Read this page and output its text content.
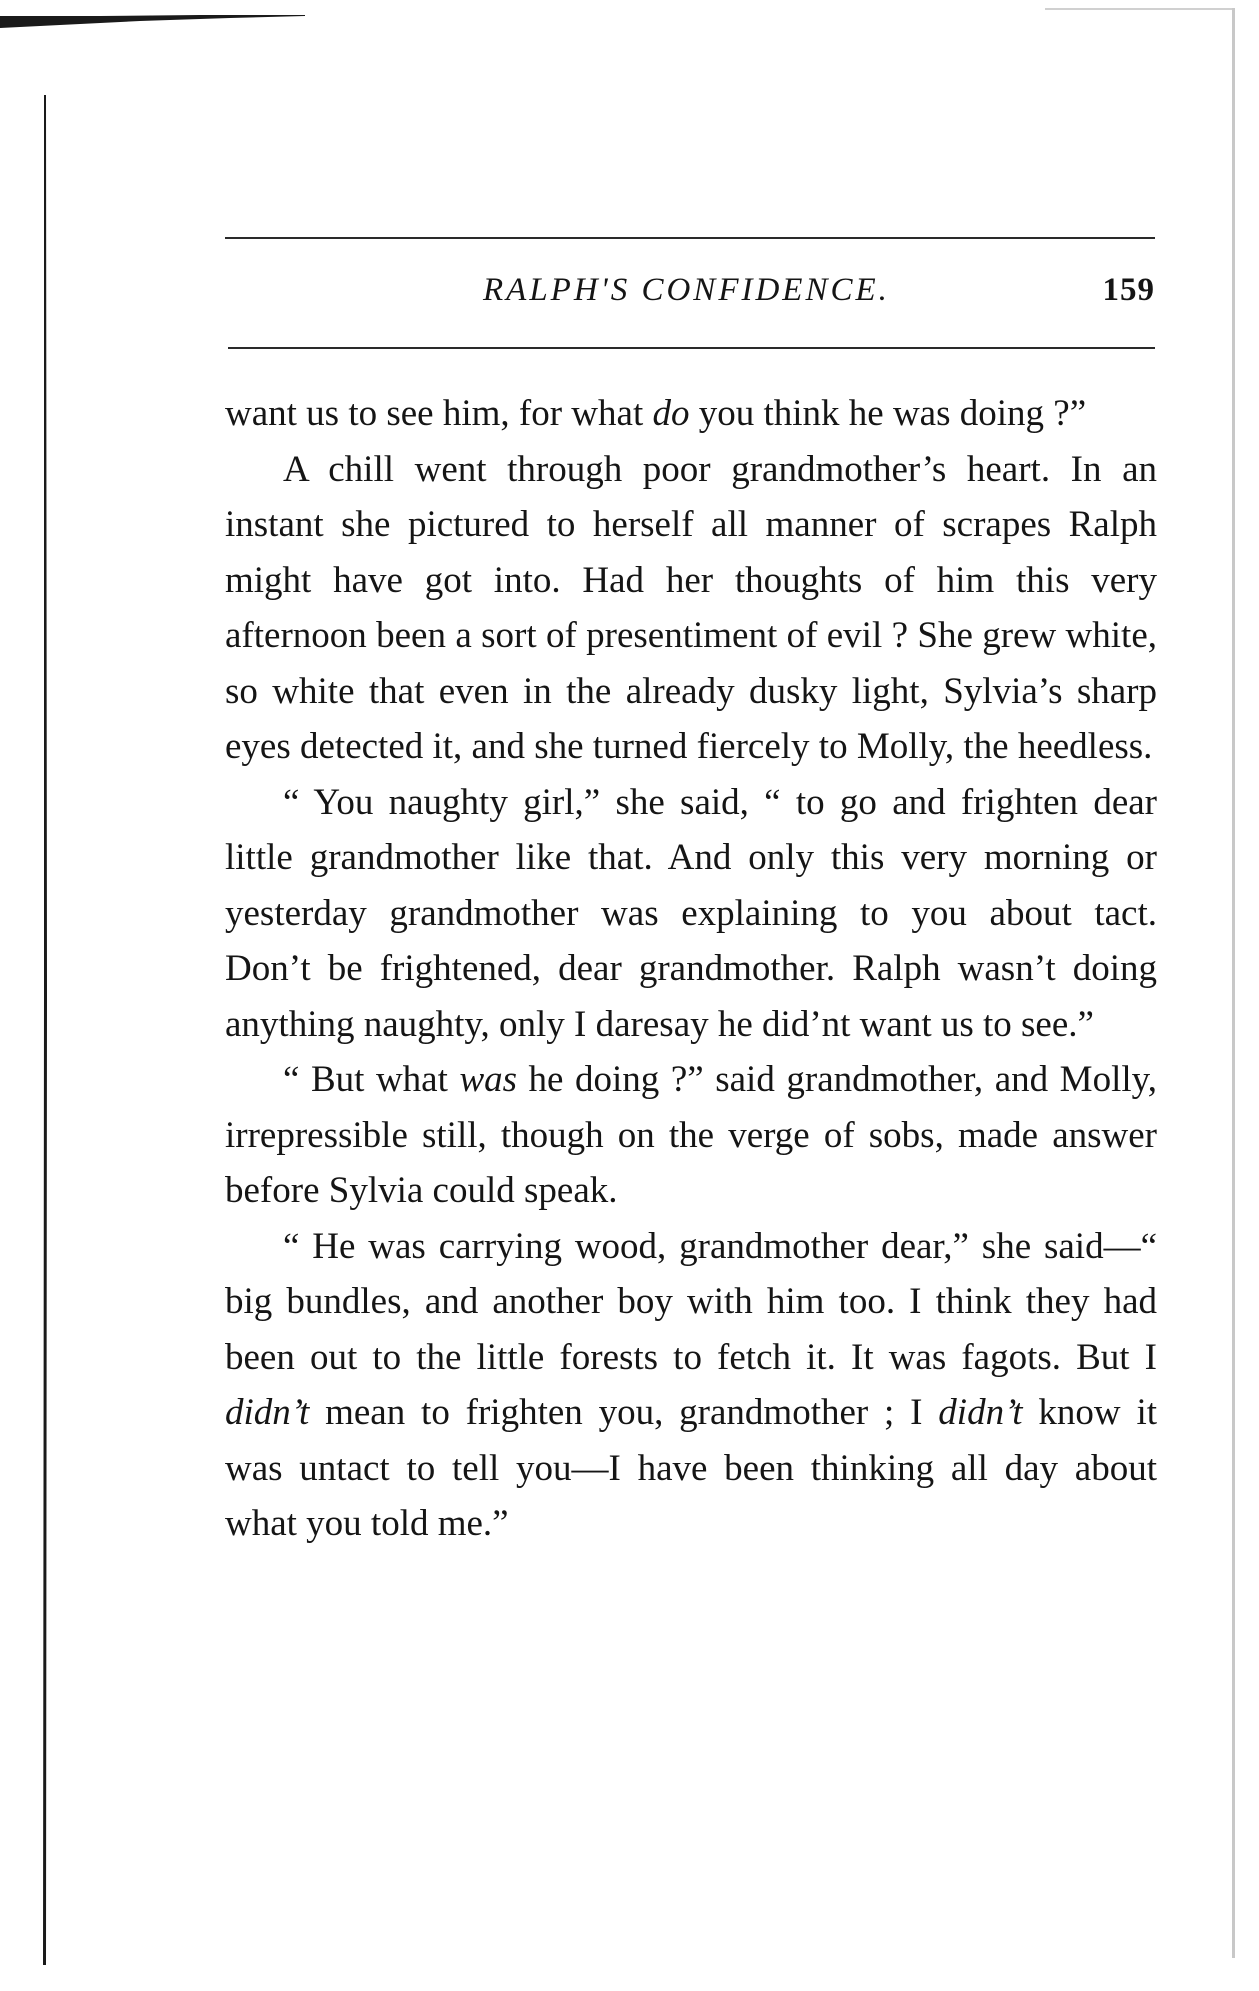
RALPH'S CONFIDENCE.	159

want us to see him, for what do you think he was doing ?”

A chill went through poor grandmother’s heart. In an instant she pictured to herself all manner of scrapes Ralph might have got into. Had her thoughts of him this very afternoon been a sort of presentiment of evil ? She grew white, so white that even in the already dusky light, Sylvia’s sharp eyes detected it, and she turned fiercely to Molly, the heedless.

“ You naughty girl,” she said, “ to go and frighten dear little grandmother like that. And only this very morning or yesterday grandmother was explaining to you about tact. Don’t be frightened, dear grandmother. Ralph wasn’t doing anything naughty, only I daresay he did’nt want us to see.”

“ But what was he doing ?” said grandmother, and Molly, irrepressible still, though on the verge of sobs, made answer before Sylvia could speak.

“ He was carrying wood, grandmother dear,” she said—“ big bundles, and another boy with him too. I think they had been out to the little forests to fetch it. It was fagots. But I didn’t mean to frighten you, grandmother ; I didn’t know it was untact to tell you—I have been thinking all day about what you told me.”
